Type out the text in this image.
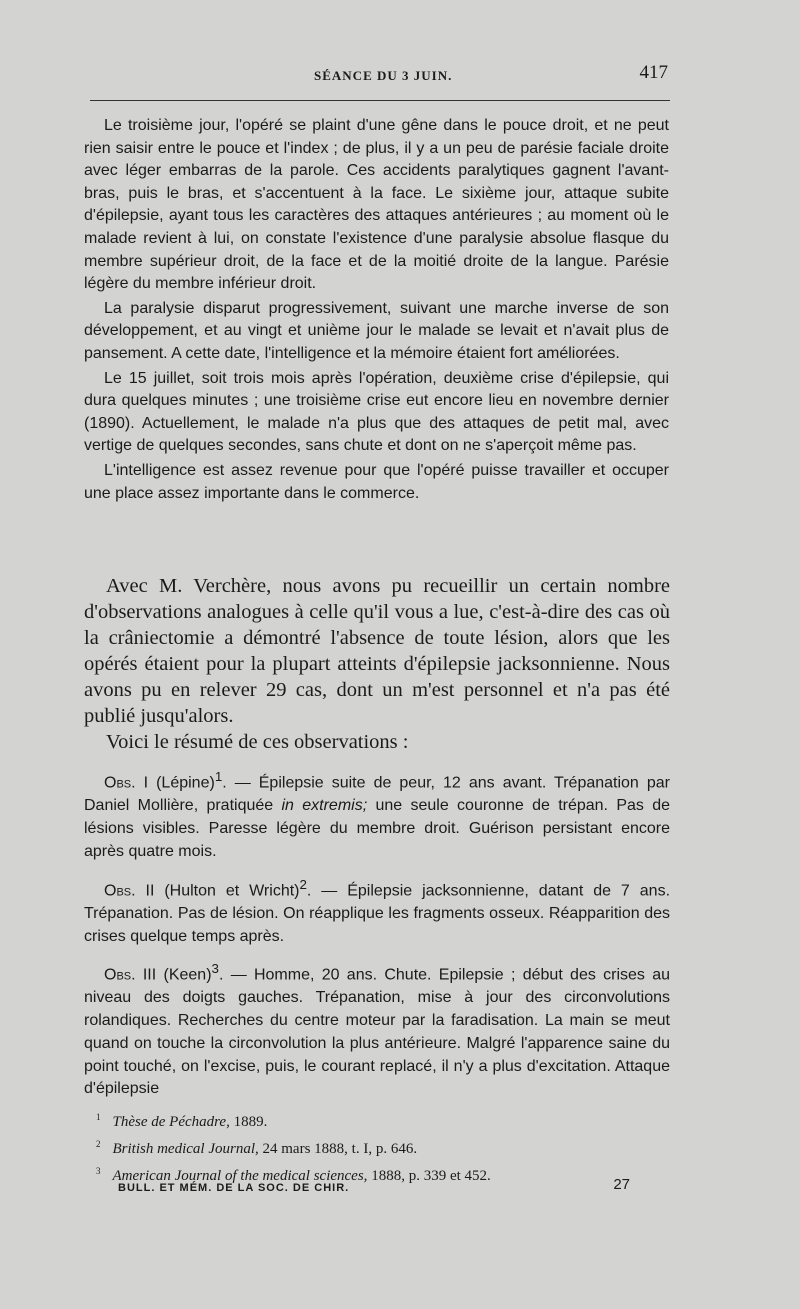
SÉANCE DU 3 JUIN.	417

Le troisième jour, l'opéré se plaint d'une gêne dans le pouce droit, et ne peut rien saisir entre le pouce et l'index ; de plus, il y a un peu de parésie faciale droite avec léger embarras de la parole. Ces accidents paralytiques gagnent l'avant-bras, puis le bras, et s'accentuent à la face. Le sixième jour, attaque subite d'épilepsie, ayant tous les caractères des attaques antérieures ; au moment où le malade revient à lui, on constate l'existence d'une paralysie absolue flasque du membre supérieur droit, de la face et de la moitié droite de la langue. Parésie légère du membre inférieur droit.

La paralysie disparut progressivement, suivant une marche inverse de son développement, et au vingt et unième jour le malade se levait et n'avait plus de pansement. A cette date, l'intelligence et la mémoire étaient fort améliorées.

Le 15 juillet, soit trois mois après l'opération, deuxième crise d'épilepsie, qui dura quelques minutes ; une troisième crise eut encore lieu en novembre dernier (1890). Actuellement, le malade n'a plus que des attaques de petit mal, avec vertige de quelques secondes, sans chute et dont on ne s'aperçoit même pas.

L'intelligence est assez revenue pour que l'opéré puisse travailler et occuper une place assez importante dans le commerce.

Avec M. Verchère, nous avons pu recueillir un certain nombre d'observations analogues à celle qu'il vous a lue, c'est-à-dire des cas où la crâniectomie a démontré l'absence de toute lésion, alors que les opérés étaient pour la plupart atteints d'épilepsie jacksonnienne. Nous avons pu en relever 29 cas, dont un m'est personnel et n'a pas été publié jusqu'alors.

Voici le résumé de ces observations :

Obs. I (Lépine)$^1$. — Épilepsie suite de peur, 12 ans avant. Trépanation par Daniel Mollière, pratiquée in extremis; une seule couronne de trépan. Pas de lésions visibles. Paresse légère du membre droit. Guérison persistant encore après quatre mois.

Obs. II (Hulton et Wricht)$^2$. — Épilepsie jacksonnienne, datant de 7 ans. Trépanation. Pas de lésion. On réapplique les fragments osseux. Réapparition des crises quelque temps après.

Obs. III (Keen)$^3$. — Homme, 20 ans. Chute. Epilepsie ; début des crises au niveau des doigts gauches. Trépanation, mise à jour des circonvolutions rolandiques. Recherches du centre moteur par la faradisation. La main se meut quand on touche la circonvolution la plus antérieure. Malgré l'apparence saine du point touché, on l'excise, puis, le courant replacé, il n'y a plus d'excitation. Attaque d'épilepsie

$^1$ Thèse de Péchadre, 1889.

$^2$ British medical Journal, 24 mars 1888, t. I, p. 646.

$^3$ American Journal of the medical sciences, 1888, p. 339 et 452.

BULL. ET MÉM. DE LA SOC. DE CHIR.	27
